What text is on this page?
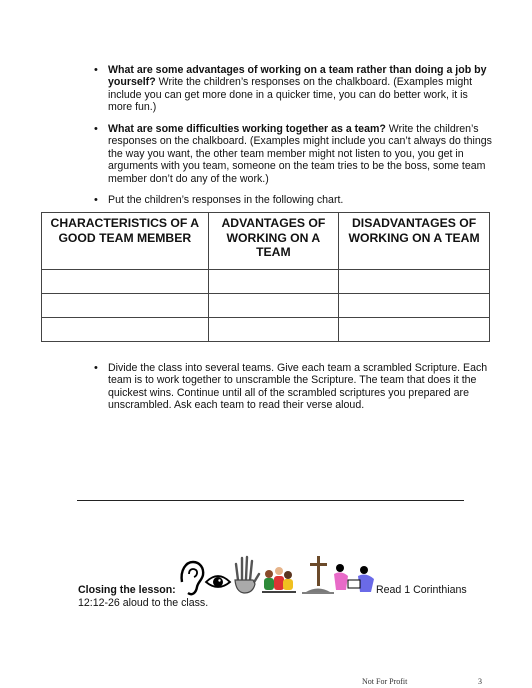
• What are some advantages of working on a team rather than doing a job by yourself? Write the children’s responses on the chalkboard. (Examples might include you can get more done in a quicker time, you can do better work, it is more fun.)
• What are some difficulties working together as a team? Write the children’s responses on the chalkboard. (Examples might include you can’t always do things the way you want, the other team member might not listen to you, you get in arguments with you team, someone on the team tries to be the boss, some team member don’t do any of the work.)
• Put the children’s responses in the following chart.
CHARACTERISTICS OF A GOOD TEAM MEMBER	ADVANTAGES OF WORKING ON A TEAM	DISADVANTAGES OF WORKING ON A TEAM

• Divide the class into several teams. Give each team a scrambled Scripture. Each team is to work together to unscramble the Scripture. The team that does it the quickest wins. Continue until all of the scrambled scriptures you prepared are unscrambled. Ask each team to read their verse aloud.
Closing the lesson:	Read 1 Corinthians
12:12-26 aloud to the class.
Not For Profit	3
